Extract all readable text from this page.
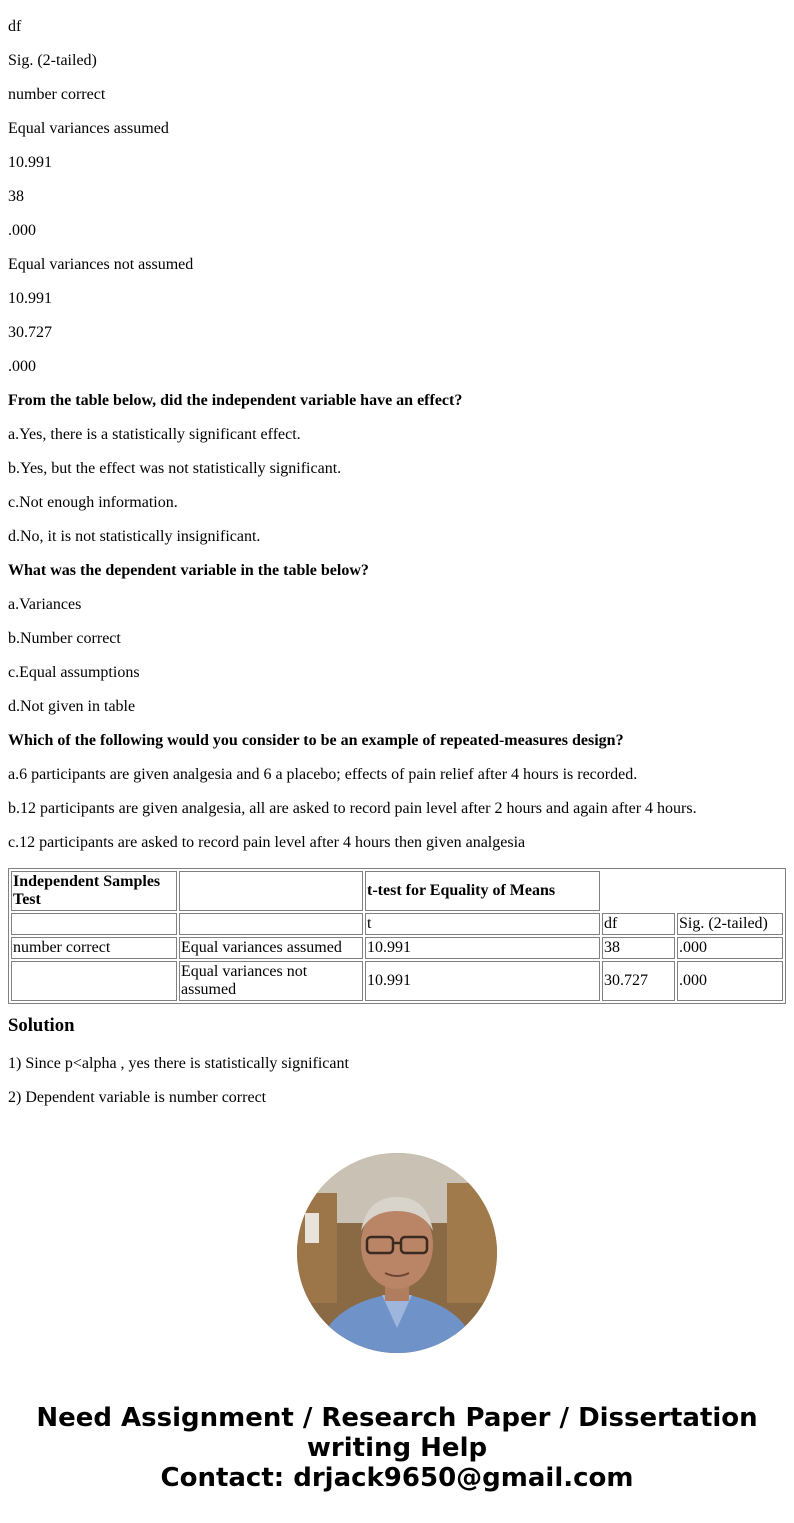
df

Sig. (2-tailed)

number correct

Equal variances assumed

10.991

38

.000

Equal variances not assumed

10.991

30.727

.000

From the table below, did the independent variable have an effect?

a.Yes, there is a statistically significant effect.

b.Yes, but the effect was not statistically significant.

c.Not enough information.

d.No, it is not statistically insignificant.

What was the dependent variable in the table below?

a.Variances

b.Number correct

c.Equal assumptions

d.Not given in table

Which of the following would you consider to be an example of repeated-measures design?

a.6 participants are given analgesia and 6 a placebo; effects of pain relief after 4 hours is recorded.

b.12 participants are given analgesia, all are asked to record pain level after 2 hours and again after 4 hours.

c.12 participants are asked to record pain level after 4 hours then given analgesia

Independent Samples Test		t-test for Equality of Means		
		t	df	Sig. (2-tailed)
number correct	Equal variances assumed	10.991	38	.000
	Equal variances not assumed	10.991	30.727	.000
Solution

1) Since p<alpha , yes there is statistically significant

2) Dependent variable is number correct

Need Assignment / Research Paper / Dissertation
writing Help
Contact: drjack9650@gmail.com
